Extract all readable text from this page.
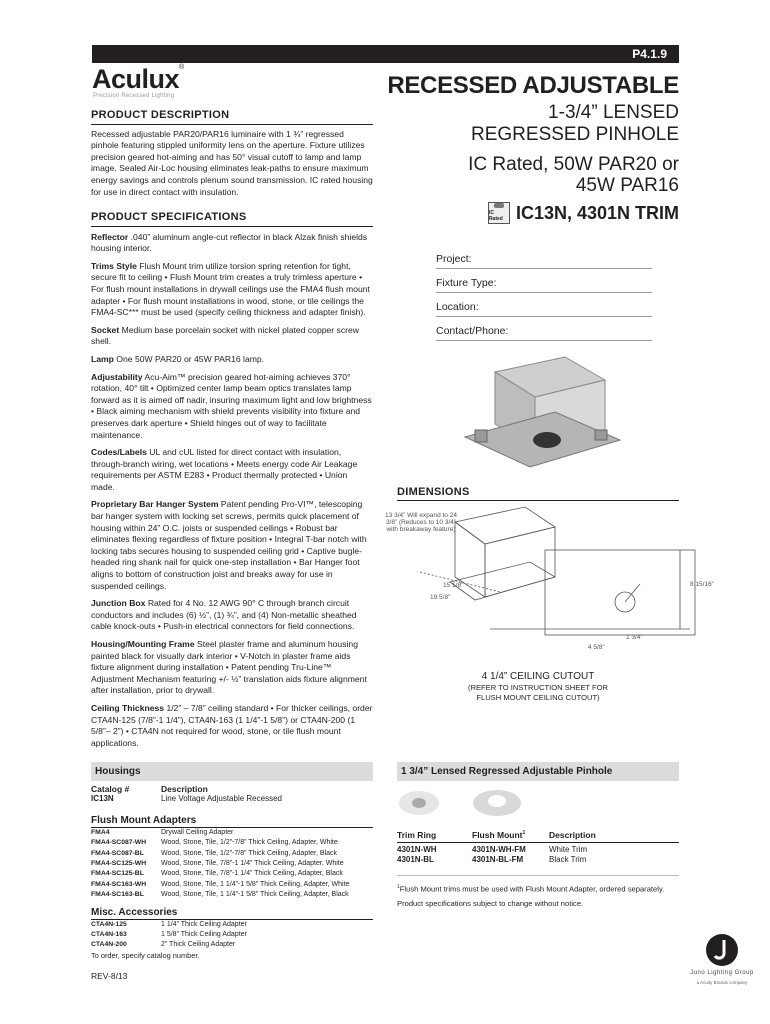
P4.1.9
Aculux®
Precision Recessed Lighting	RECESSED ADJUSTABLE
1-3/4” LENSED
REGRESSED PINHOLE
IC Rated, 50W PAR20 or
45W PAR16
IC Rated IC13N, 4301N TRIM
PRODUCT DESCRIPTION
Recessed adjustable PAR20/PAR16 luminaire with 1 ¾” regressed pinhole featuring stippled uniformity lens on the aperture. Fixture utilizes precision geared hot-aiming and has 50° visual cutoff to lamp and lamp image. Sealed Air-Loc housing eliminates leak-paths to ensure maximum energy savings and controls plenum sound transmission. IC rated housing for use in direct contact with insulation.
PRODUCT SPECIFICATIONS
Reflector .040” aluminum angle-cut reflector in black Alzak finish shields housing interior.
Trims Style Flush Mount trim utilize torsion spring retention for tight, secure fit to ceiling • Flush Mount trim creates a truly trimless aperture • For flush mount installations in drywall ceilings use the FMA4 flush mount adapter • For flush mount installations in wood, stone, or tile ceilings the FMA4-SC*** must be used (specify ceiling thickness and adapter finish).
Socket Medium base porcelain socket with nickel plated copper screw shell.
Lamp One 50W PAR20 or 45W PAR16 lamp.
Adjustability Acu-Aim™ precision geared hot-aiming achieves 370° rotation, 40° tilt • Optimized center lamp beam optics translates lamp forward as it is aimed off nadir, insuring maximum light and low brightness • Black aiming mechanism with shield prevents visibility into fixture and preserves dark aperture • Shield hinges out of way to facilitate maintenance.
Codes/Labels UL and cUL listed for direct contact with insulation, through-branch wiring, wet locations • Meets energy code Air Leakage requirements per ASTM E283 • Product thermally protected • Union made.
Proprietary Bar Hanger System Patent pending Pro-VI™, telescoping bar hanger system with locking set screws, permits quick placement of housing within 24” O.C. joists or suspended ceilings • Robust bar eliminates flexing regardless of fixture position • Integral T-bar notch with locking tabs secures housing to suspended ceiling grid • Captive bugle-headed ring shank nail for quick one-step installation • Bar Hanger foot aligns to bottom of construction joist and breaks away for use in suspended ceilings.
Junction Box Rated for 4 No. 12 AWG 90° C through branch circuit conductors and includes (6) ½”, (1) ¾”, and (4) Non-metallic sheathed cable knock-outs • Push-in electrical connectors for field connections.
Housing/Mounting Frame Steel plaster frame and aluminum housing painted black for visually dark interior • V-Notch in plaster frame aids fixture alignment during installation • Patent pending Tru-Line™ Adjustment Mechanism featuring +/- ½” translation aids fixture alignment after installation, prior to drywall.
Ceiling Thickness 1/2” – 7/8” ceiling standard • For thicker ceilings, order CTA4N-125 (7/8”-1 1/4”), CTA4N-163 (1 1/4”-1 5/8”) or CTA4N-200 (1 5/8”– 2”) • CTA4N not required for wood, stone, or tile flush mount applications.
Project:
Fixture Type:
Location:
Contact/Phone:
DIMENSIONS
13 3/4” Will expand to 24 3/8” (Reduces to 10 3/4” with breakaway feature)
15 1/8”
19 5/8”
8 15/16”
1 3/4”
4 5/8”
4 1/4” CEILING CUTOUT
(REFER TO INSTRUCTION SHEET FOR
FLUSH MOUNT CEILING CUTOUT)
Housings
Catalog #	Description
IC13N	Line Voltage Adjustable Recessed
Flush Mount Adapters
FMA4	Drywall Ceiling Adapter
FMA4-SC087-WH	Wood, Stone, Tile, 1/2”-7/8” Thick Ceiling, Adapter, White
FMA4-SC087-BL	Wood, Stone, Tile, 1/2”-7/8” Thick Ceiling, Adapter, Black
FMA4-SC125-WH	Wood, Stone, Tile, 7/8”-1 1/4” Thick Ceiling, Adapter, White
FMA4-SC125-BL	Wood, Stone, Tile, 7/8”-1 1/4” Thick Ceiling, Adapter, Black
FMA4-SC163-WH	Wood, Stone, Tile, 1 1/4”-1 5/8” Thick Ceiling, Adapter, White
FMA4-SC163-BL	Wood, Stone, Tile, 1 1/4”-1 5/8” Thick Ceiling, Adapter, Black
Misc. Accessories
CTA4N-125	1 1/4” Thick Ceiling Adapter
CTA4N-163	1 5/8” Thick Ceiling Adapter
CTA4N-200	2” Thick Ceiling Adapter
To order, specify catalog number.
REV-8/13
1 3/4” Lensed Regressed Adjustable Pinhole
Trim Ring	Flush Mount$^1$	Description
4301N-WH	4301N-WH-FM	White Trim
4301N-BL	4301N-BL-FM	Black Trim
$^1$Flush Mount trims must be used with Flush Mount Adapter, ordered separately.
Product specifications subject to change without notice.
Juno Lighting Group
a Acuity Brands company
